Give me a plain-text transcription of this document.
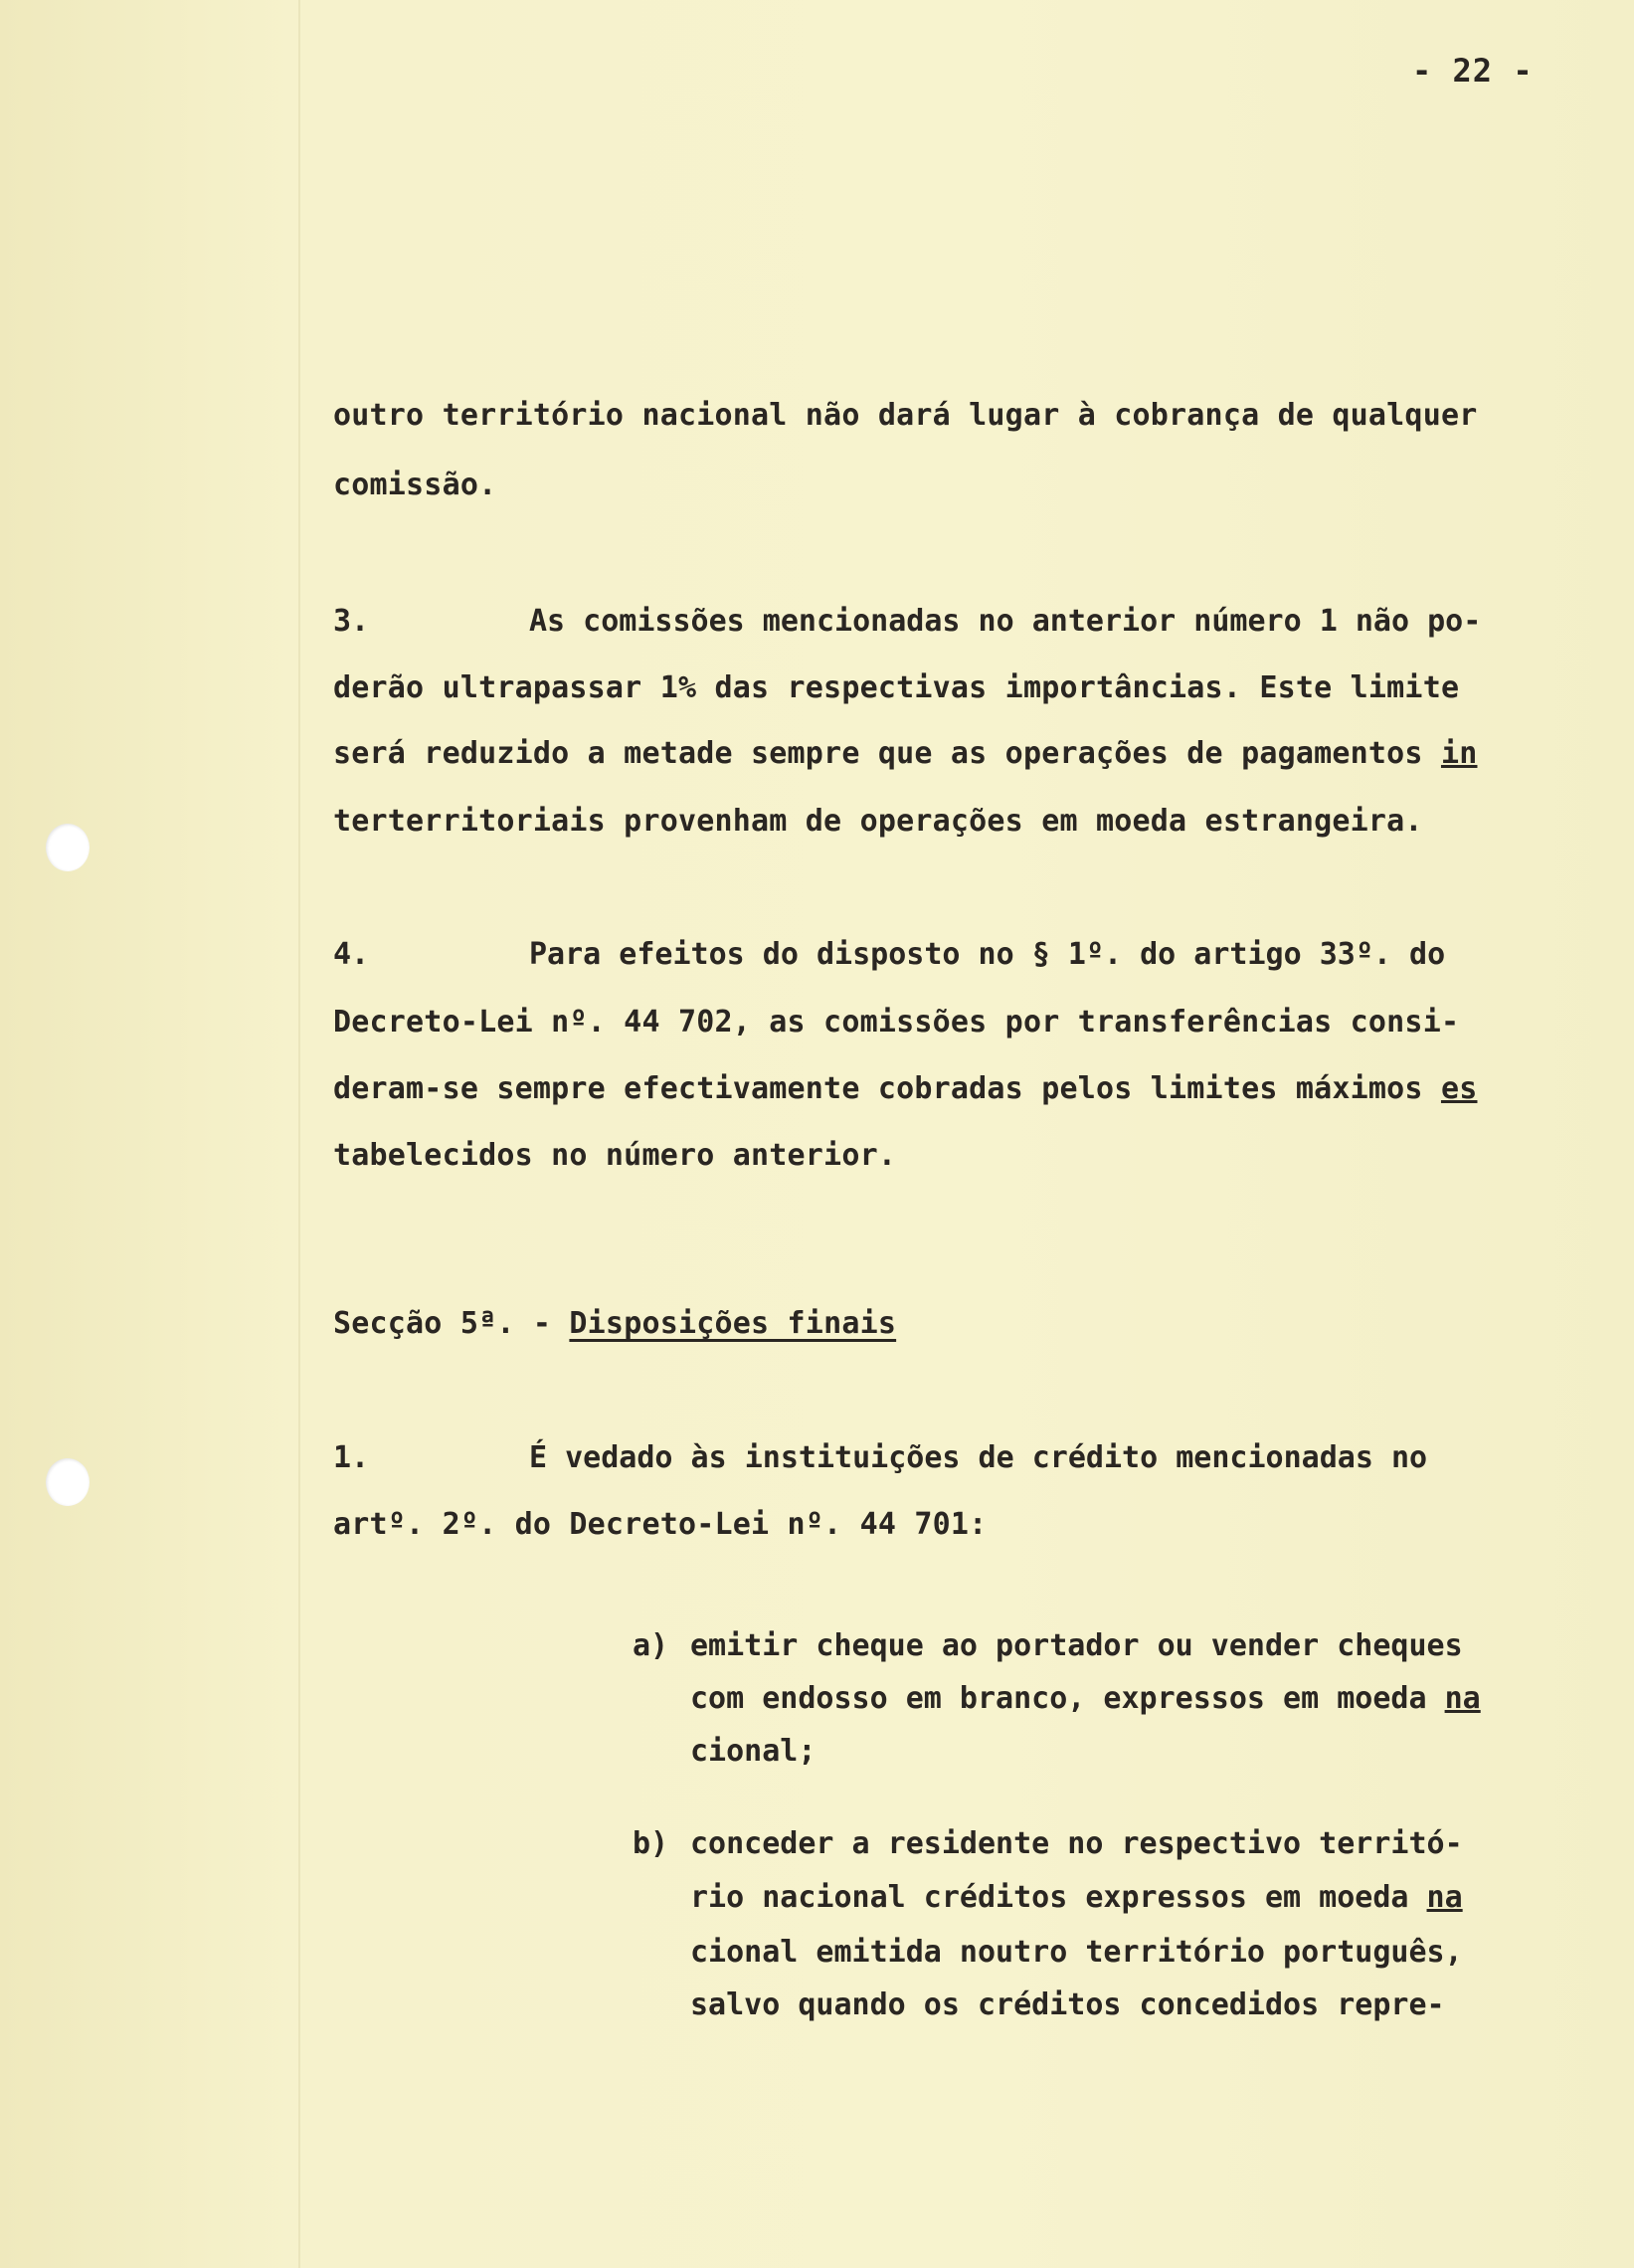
- 22 -
outro território nacional não dará lugar à cobrança de qualquer
comissão.
3.	As comissões mencionadas no anterior número 1 não po-
derão ultrapassar 1% das respectivas importâncias. Este limite
será reduzido a metade sempre que as operações de pagamentos in
terterritoriais provenham de operações em moeda estrangeira.
4.	Para efeitos do disposto no § 1º. do artigo 33º. do
Decreto-Lei nº. 44 702, as comissões por transferências consi-
deram-se sempre efectivamente cobradas pelos limites máximos es
tabelecidos no número anterior.
Secção 5ª. - Disposições finais
1.	É vedado às instituições de crédito mencionadas no
artº. 2º. do Decreto-Lei nº. 44 701:
a) emitir cheque ao portador ou vender cheques
com endosso em branco, expressos em moeda na
cional;
b) conceder a residente no respectivo territó-
rio nacional créditos expressos em moeda na
cional emitida noutro território português,
salvo quando os créditos concedidos repre-
